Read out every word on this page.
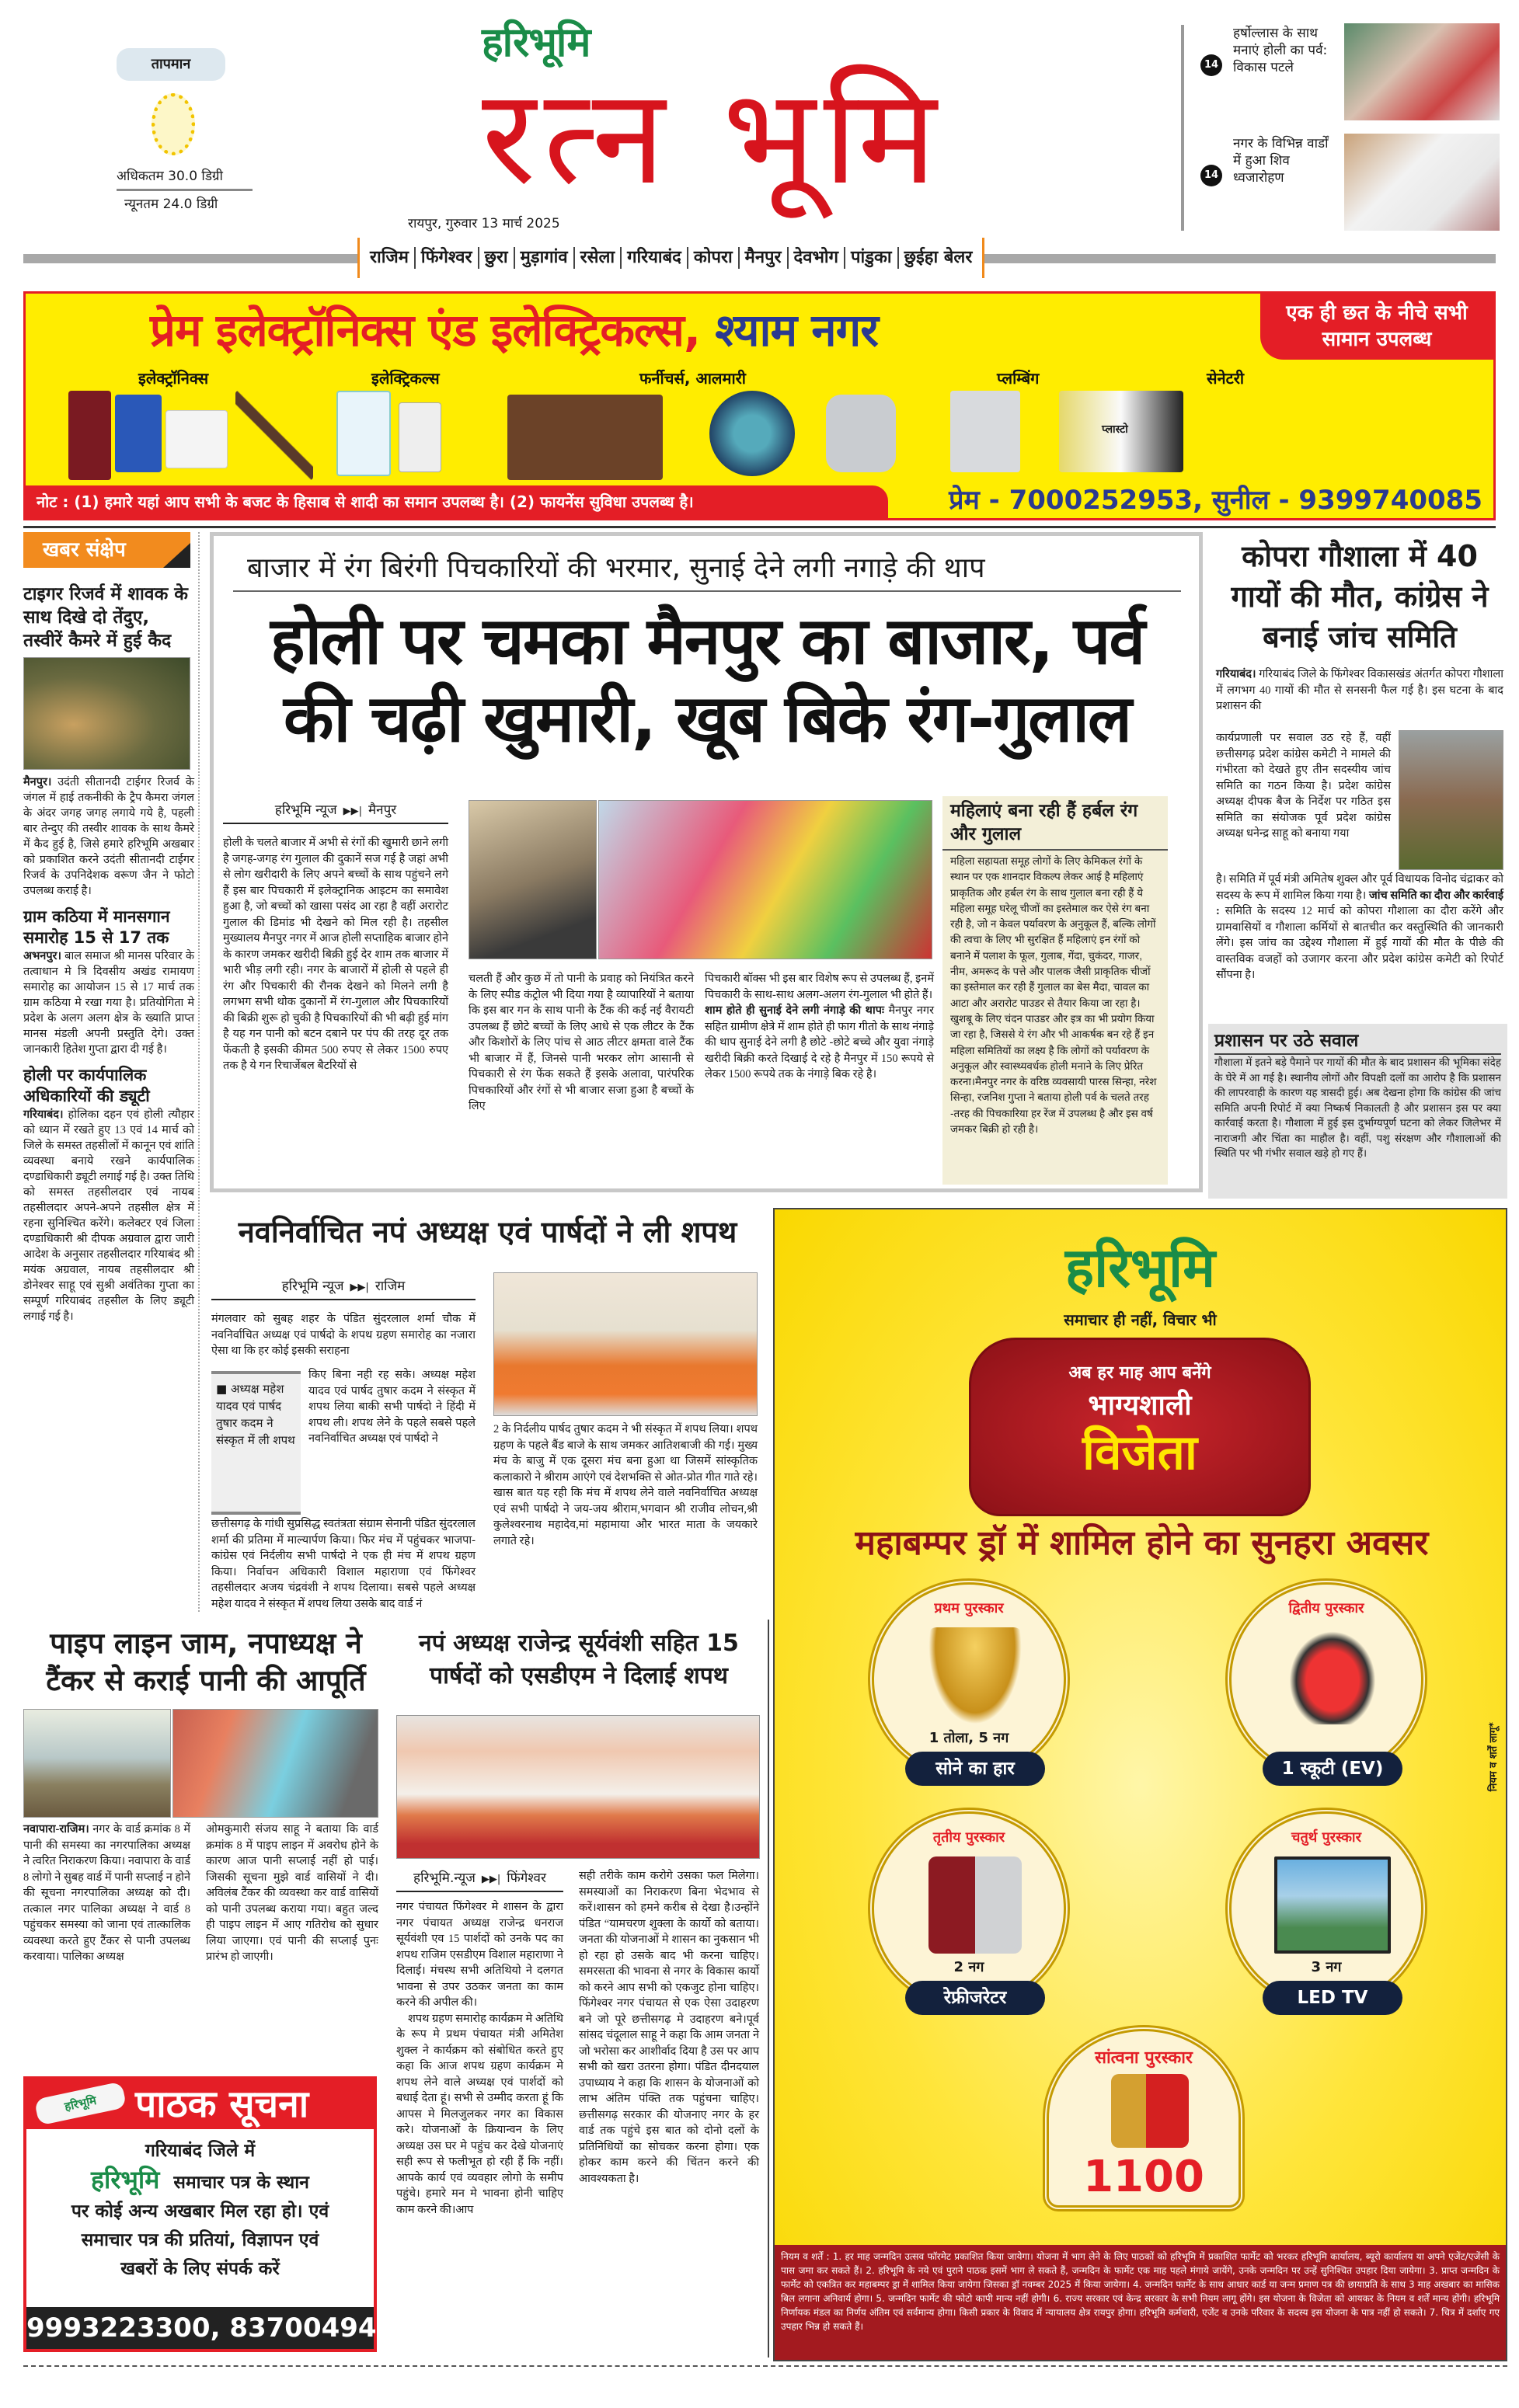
तापमान
अधिकतम 30.0 डिग्री
न्यूनतम 24.0 डिग्री
हरिभूमि
रत्न भूमि
रायपुर, गुरुवार 13 मार्च 2025
14
हर्षोल्लास के साथ मनाएं होली का पर्व: विकास पटले
14
नगर के विभिन्न वार्डों में हुआ शिव ध्वजारोहण
राजिम फिंगेश्वर छुरा मुड़ागांव रसेला गरियाबंद कोपरा मैनपुर देवभोग पांडुका छुईहा बेलर
प्रेम इलेक्ट्रॉनिक्स एंड इलेक्ट्रिकल्स, श्याम नगर	एक ही छत के नीचे सभी सामान उपलब्ध
इलेक्ट्रॉनिक्स	इलेक्ट्रिकल्स	फर्नीचर्स, आलमारी	प्लम्बिंग	सेनेटरी
प्लास्टो
नोट : (1) हमारे यहां आप सभी के बजट के हिसाब से शादी का समान उपलब्ध है। (2) फायनेंस सुविधा उपलब्ध है।	प्रेम - 7000252953, सुनील - 9399740085
खबर संक्षेप
टाइगर रिजर्व में शावक के साथ दिखे दो तेंदुए, तस्वीरें कैमरे में हुई कैद
मैनपुर। उदंती सीतानदी टाईगर रिजर्व के जंगल में हाई तकनीकी के ट्रैप कैमरा जंगल के अंदर जगह जगह लगाये गये है, पहली बार तेन्दुए की तस्वीर शावक के साथ कैमरे में कैद हुई है, जिसे हमारे हरिभूमि अखबार को प्रकाशित करने उदंती सीतानदी टाईगर रिजर्व के उपनिदेशक वरूण जैन ने फोटो उपलब्ध कराई है।
ग्राम कठिया में मानसगान समारोह 15 से 17 तक
अभनपुर। बाल समाज श्री मानस परिवार के तत्वाधान मे त्रि दिवसीय अखंड रामायण समारोह का आयोजन 15 से 17 मार्च तक ग्राम कठिया मे रखा गया है। प्रतियोगिता मे प्रदेश के अलग अलग क्षेत्र के ख्याति प्राप्त मानस मंडली अपनी प्रस्तुति देगे। उक्त जानकारी हितेश गुप्ता द्वारा दी गई है।
होली पर कार्यपालिक अधिकारियों की ड्यूटी
गरियाबंद। होलिका दहन एवं होली त्यौहार को ध्यान में रखते हुए 13 एवं 14 मार्च को जिले के समस्त तहसीलों में कानून एवं शांति व्यवस्था बनाये रखने कार्यपालिक दण्डाधिकारी ड्यूटी लगाई गई है। उक्त तिथि को समस्त तहसीलदार एवं नायब तहसीलदार अपने-अपने तहसील क्षेत्र में रहना सुनिश्चित करेंगे। कलेक्टर एवं जिला दण्डाधिकारी श्री दीपक अग्रवाल द्वारा जारी आदेश के अनुसार तहसीलदार गरियाबंद श्री मयंक अग्रवाल, नायब तहसीलदार श्री डोनेश्वर साहू एवं सुश्री अवंतिका गुप्ता का सम्पूर्ण गरियाबंद तहसील के लिए ड्यूटी लगाई गई है।
बाजार में रंग बिरंगी पिचकारियों की भरमार, सुनाई देने लगी नगाड़े की थाप
होली पर चमका मैनपुर का बाजार, पर्व की चढ़ी खुमारी, खूब बिके रंग-गुलाल
हरिभूमि न्यूज ▶▶| मैनपुर
होली के चलते बाजार में अभी से रंगों की खुमारी छाने लगी है जगह-जगह रंग गुलाल की दुकानें सज गई है जहां अभी से लोग खरीदारी के लिए अपने बच्चों के साथ पहुंचने लगे हैं इस बार पिचकारी में इलेक्ट्रानिक आइटम का समावेश हुआ है, जो बच्चों को खासा पसंद आ रहा है वहीं अरारोट गुलाल की डिमांड भी देखने को मिल रही है। तहसील मुख्यालय मैनपुर नगर में आज होली सप्ताहिक बाजार होने के कारण जमकर खरीदी बिक्री हुई देर शाम तक बाजार में भारी भीड़ लगी रही। नगर के बाजारों में होली से पहले ही रंग और पिचकारी की रौनक देखने को मिलने लगी है लगभग सभी थोक दुकानों में रंग-गुलाल और पिचकारियों की बिक्री शुरू हो चुकी है पिचकारियों की भी बढ़ी हुई मांग है यह गन पानी को बटन दबाने पर पंप की तरह दूर तक फेंकती है इसकी कीमत 500 रुपए से लेकर 1500 रुपए तक है ये गन रिचार्जेबल बैटरियों से
चलती हैं और कुछ में तो पानी के प्रवाह को नियंत्रित करने के लिए स्पीड कंट्रोल भी दिया गया है व्यापारियों ने बताया कि इस बार गन के साथ पानी के टैंक की कई नई वैरायटी उपलब्ध हैं छोटे बच्चों के लिए आधे से एक लीटर के टैंक और किशोरों के लिए पांच से आठ लीटर क्षमता वाले टैंक भी बाजार में हैं, जिनसे पानी भरकर लोग आसानी से पिचकारी से रंग फेंक सकते हैं इसके अलावा, पारंपरिक पिचकारियों और रंगों से भी बाजार सजा हुआ है बच्चों के लिए
पिचकारी बॉक्स भी इस बार विशेष रूप से उपलब्ध हैं, इनमें पिचकारी के साथ-साथ अलग-अलग रंग-गुलाल भी होते हैं।
शाम होते ही सुनाई देने लगी नंगाड़े की थापः मैनपुर नगर सहित ग्रामीण क्षेत्रे में शाम होते ही फाग गीतो के साथ नंगाड़े की थाप सुनाई देने लगी है छोटे -छोटे बच्चे और युवा नंगाड़े खरीदी बिक्री करते दिखाई दे रहे है मैनपुर में 150 रूपये से लेकर 1500 रूपये तक के नंगाड़े बिक रहे है।
महिलाएं बना रही हैं हर्बल रंग और गुलाल
महिला सहायता समूह लोगों के लिए केमिकल रंगों के स्थान पर एक शानदार विकल्प लेकर आई है महिलाएं प्राकृतिक और हर्बल रंग के साथ गुलाल बना रही हैं ये महिला समूह घरेलू चीजों का इस्तेमाल कर ऐसे रंग बना रही है, जो न केवल पर्यावरण के अनुकूल हैं, बल्कि लोगों की त्वचा के लिए भी सुरक्षित हैं महिलाएं इन रंगों को बनाने में पलाश के फूल, गुलाब, गेंदा, चुकंदर, गाजर, नीम, अमरूद के पत्ते और पालक जैसी प्राकृतिक चीजों का इस्तेमाल कर रही हैं गुलाल का बेस मैदा, चावल का आटा और अरारोट पाउडर से तैयार किया जा रहा है। खुशबू के लिए चंदन पाउडर और इत्र का भी प्रयोग किया जा रहा है, जिससे ये रंग और भी आकर्षक बन रहे हैं इन महिला समितियों का लक्ष्य है कि लोगों को पर्यावरण के अनुकूल और स्वास्थ्यवर्धक होली मनाने के लिए प्रेरित करना।मैनपुर नगर के वरिष्ठ व्यवसायी पारस सिन्हा, नरेश सिन्हा, रजनिश गुप्ता ने बताया होली पर्व के चलते तरह -तरह की पिचकारिया हर रेंज में उपलब्ध है और इस वर्ष जमकर बिक्री हो रही है।
कोपरा गौशाला में 40 गायों की मौत, कांग्रेस ने बनाई जांच समिति
गरियाबंद। गरियाबंद जिले के फिंगेश्वर विकासखंड अंतर्गत कोपरा गौशाला में लगभग 40 गायों की मौत से सनसनी फैल गई है। इस घटना के बाद प्रशासन की
कार्यप्रणाली पर सवाल उठ रहे हैं, वहीं छत्तीसगढ़ प्रदेश कांग्रेस कमेटी ने मामले की गंभीरता को देखते हुए तीन सदस्यीय जांच समिति का गठन किया है। प्रदेश कांग्रेस अध्यक्ष दीपक बैज के निर्देश पर गठित इस समिति का संयोजक पूर्व प्रदेश कांग्रेस अध्यक्ष धनेन्द्र साहू को बनाया गया
है। समिति में पूर्व मंत्री अमितेष शुक्ल और पूर्व विधायक विनोद चंद्राकर को सदस्य के रूप में शामिल किया गया है। जांच समिति का दौरा और कार्रवाई : समिति के सदस्य 12 मार्च को कोपरा गौशाला का दौरा करेंगे और ग्रामवासियों व गौशाला कर्मियों से बातचीत कर वस्तुस्थिति की जानकारी लेंगे। इस जांच का उद्देश्य गौशाला में हुई गायों की मौत के पीछे की वास्तविक वजहों को उजागर करना और प्रदेश कांग्रेस कमेटी को रिपोर्ट सौंपना है।
प्रशासन पर उठे सवाल
गौशाला में इतने बड़े पैमाने पर गायों की मौत के बाद प्रशासन की भूमिका संदेह के घेरे में आ गई है। स्थानीय लोगों और विपक्षी दलों का आरोप है कि प्रशासन की लापरवाही के कारण यह त्रासदी हुई। अब देखना होगा कि कांग्रेस की जांच समिति अपनी रिपोर्ट में क्या निष्कर्ष निकालती है और प्रशासन इस पर क्या कार्रवाई करता है। गौशाला में हुई इस दुर्भाग्यपूर्ण घटना को लेकर जिलेभर में नाराजगी और चिंता का माहौल है। वहीं, पशु संरक्षण और गौशालाओं की स्थिति पर भी गंभीर सवाल खड़े हो गए हैं।
नवनिर्वाचित नपं अध्यक्ष एवं पार्षदों ने ली शपथ
हरिभूमि न्यूज ▶▶| राजिम
मंगलवार को सुबह शहर के पंडित सुंदरलाल शर्मा चौक में नवनिर्वाचित अध्यक्ष एवं पार्षदो के शपथ ग्रहण समारोह का नजारा ऐसा था कि हर कोई इसकी सराहना
■ अध्यक्ष महेश यादव एवं पार्षद तुषार कदम ने संस्कृत में ली शपथ
किए बिना नही रह सके। अध्यक्ष महेश यादव एवं पार्षद तुषार कदम ने संस्कृत में शपथ लिया बाकी सभी पार्षदो ने हिंदी में शपथ ली। शपथ लेने के पहले सबसे पहले नवनिर्वाचित अध्यक्ष एवं पार्षदो ने
छत्तीसगढ़ के गांधी सुप्रसिद्ध स्वतंत्रता संग्राम सेनानी पंडित सुंदरलाल शर्मा की प्रतिमा में माल्यार्पण किया। फिर मंच में पहुंचकर भाजपा-कांग्रेस एवं निर्दलीय सभी पार्षदो ने एक ही मंच में शपथ ग्रहण किया। निर्वाचन अधिकारी विशाल महाराणा एवं फिंगेश्वर तहसीलदार अजय चंद्रवंशी ने शपथ दिलाया। सबसे पहले अध्यक्ष महेश यादव ने संस्कृत में शपथ लिया उसके बाद वार्ड नं
2 के निर्दलीय पार्षद तुषार कदम ने भी संस्कृत में शपथ लिया। शपथ ग्रहण के पहले बैंड बाजे के साथ जमकर आतिशबाजी की गई। मुख्य मंच के बाजु में एक दूसरा मंच बना हुआ था जिसमें सांस्कृतिक कलाकारो ने श्रीराम आएंगे एवं देशभक्ति से ओत-प्रोत गीत गाते रहे। खास बात यह रही कि मंच में शपथ लेने वाले नवनिर्वाचित अध्यक्ष एवं सभी पार्षदो ने जय-जय श्रीराम,भगवान श्री राजीव लोचन,श्री कुलेश्वरनाथ महादेव,मां महामाया और भारत माता के जयकारे लगाते रहे।
पाइप लाइन जाम, नपाध्यक्ष ने टैंकर से कराई पानी की आपूर्ति
नवापारा-राजिम। नगर के वार्ड क्रमांक 8 में पानी की समस्या का नगरपालिका अध्यक्ष ने त्वरित निराकरण किया। नवापारा के वार्ड 8 लोगो ने सुबह वार्ड में पानी सप्लाई न होने की सूचना नगरपालिका अध्यक्ष को दी। तत्काल नगर पालिका अध्यक्ष ने वार्ड 8 पहुंचकर समस्या को जाना एवं तात्कालिक व्यवस्था करते हुए टैंकर से पानी उपलब्ध करवाया। पालिका अध्यक्ष
ओमकुमारी संजय साहू ने बताया कि वार्ड क्रमांक 8 में पाइप लाइन में अवरोध होने के कारण आज पानी सप्लाई नहीं हो पाई। जिसकी सूचना मुझे वार्ड वासियों ने दी। अविलंब टैंकर की व्यवस्था कर वार्ड वासियों को पानी उपलब्ध कराया गया। बहुत जल्द ही पाइप लाइन में आए गतिरोध को सुधार लिया जाएगा। एवं पानी की सप्लाई पुनः प्रारंभ हो जाएगी।
हरिभूमि	पाठक सूचना
गरियाबंद जिले में
हरिभूमि समाचार पत्र के स्थान
पर कोई अन्य अखबार मिल रहा हो। एवं
समाचार पत्र की प्रतियां, विज्ञापन एवं
खबरों के लिए संपर्क करें
9993223300, 8370049468
नपं अध्यक्ष राजेन्द्र सूर्यवंशी सहित 15 पार्षदों को एसडीएम ने दिलाई शपथ
हरिभूमि.न्यूज ▶▶| फिंगेश्वर
नगर पंचायत फिंगेश्वर मे शासन के द्वारा नगर पंचायत अध्यक्ष राजेन्द्र धनराज सूर्यवंशी एव 15 पार्शदों को उनके पद का शपथ राजिम एसडीएम विशाल महाराणा ने दिलाई। मंचस्थ सभी अतिथियो ने दलगत भावना से उपर उठकर जनता का काम करने की अपील की।
शपथ ग्रहण समारोह कार्यक्रम मे अतिथि के रूप मे प्रथम पंचायत मंत्री अमितेश शुक्ल ने कार्यक्रम को संबोधित करते हुए कहा कि आज शपथ ग्रहण कार्यक्रम मे शपथ लेने वाले अध्यक्ष एवं पार्शदों को बधाई देता हूं। सभी से उम्मीद करता हूं कि आपस मे मिलजुलकर नगर का विकास करे। योजनाओं के क्रियान्वन के लिए अध्यक्ष उस घर मे पहुंच कर देखे योजनाएं सही रूप से फलीभूत हो रही हैं कि नहीं। आपके कार्य एवं व्यवहार लोगो के समीप पहुंचे। हमारे मन मे भावना होनी चाहिए काम करने की।आप
सही तरीके काम करोगे उसका फल मिलेगा।समस्याओं का निराकरण बिना भेदभाव से करें।शासन को हमने करीब से देखा है।उन्होंने पंडित “यामचरण शुक्ला के कार्यो को बताया।जनता की योजनाओं मे शासन का नुकसान भी हो रहा हो उसके बाद भी करना चाहिए। समरसता की भावना से नगर के विकास कार्यो को करने आप सभी को एकजुट होना चाहिए। फिंगेश्वर नगर पंचायत से एक ऐसा उदाहरण बने जो पूरे छत्तीसगढ़ मे उदाहरण बने।पूर्व सांसद चंदूलाल साहू ने कहा कि आम जनता ने जो भरोसा कर आशीर्वाद दिया है उस पर आप सभी को खरा उतरना होगा। पंडित दीनदयाल उपाध्याय ने कहा कि शासन के योजनाओं को लाभ अंतिम पंक्ति तक पहुंचना चाहिए। छत्तीसगढ़ सरकार की योजनाए नगर के हर वार्ड तक पहुंचे इस बात को दोनो दलों के प्रतिनिधियों का सोचकर करना होगा। एक होकर काम करने की चिंतन करने की आवश्यकता है।
हरिभूमि
समाचार ही नहीं, विचार भी
अब हर माह आप बनेंगे
भाग्यशाली
विजेता
महाबम्पर ड्रॉ में शामिल होने का सुनहरा अवसर
प्रथम पुरस्कार
1 तोला, 5 नग
सोने का हार
द्वितीय पुरस्कार
1 स्कूटी (EV)
तृतीय पुरस्कार
2 नग
रेफ्रीजरेटर
चतुर्थ पुरस्कार
3 नग
LED TV
सांत्वना पुरस्कार
1100
नियम व शर्तें लागू*
नियम व शर्तें : 1. हर माह जन्मदिन उत्सव फॉरमेट प्रकाशित किया जायेगा। योजना में भाग लेने के लिए पाठकों को हरिभूमि में प्रकाशित फार्मेट को भरकर हरिभूमि कार्यालय, ब्यूरो कार्यालय या अपने एजेंट/एजेंसी के पास जमा कर सकते हैं। 2. हरिभूमि के नये एवं पुराने पाठक इसमें भाग ले सकते हैं, जन्मदिन के फार्मेट एक माह पहले मंगाये जायेंगे, उनके जन्मदिन पर उन्हें सुनिश्चित उपहार दिया जायेगा। 3. प्राप्त जन्मदिन के फार्मेट को एकत्रित कर महाबम्पर ड्रा में शामिल किया जायेगा जिसका ड्रॉ नवम्बर 2025 में किया जायेगा। 4. जन्मदिन फार्मेट के साथ आधार कार्ड या जन्म प्रमाण पत्र की छायाप्रति के साथ 3 माह अखबार का मासिक बिल लगाना अनिवार्य होगा। 5. जन्मदिन फार्मेट की फोटो कापी मान्य नहीं होगी। 6. राज्य सरकार एवं केन्द्र सरकार के सभी नियम लागू होंगे। इस योजना के विजेता को आयकर के नियम व शर्तें मान्य होंगी। हरिभूमि निर्णायक मंडल का निर्णय अंतिम एवं सर्वमान्य होगा। किसी प्रकार के विवाद में न्यायालय क्षेत्र रायपुर होगा। हरिभूमि कर्मचारी, एजेंट व उनके परिवार के सदस्य इस योजना के पात्र नहीं हो सकते। 7. चित्र में दर्शाए गए उपहार भिन्न हो सकते हैं।
